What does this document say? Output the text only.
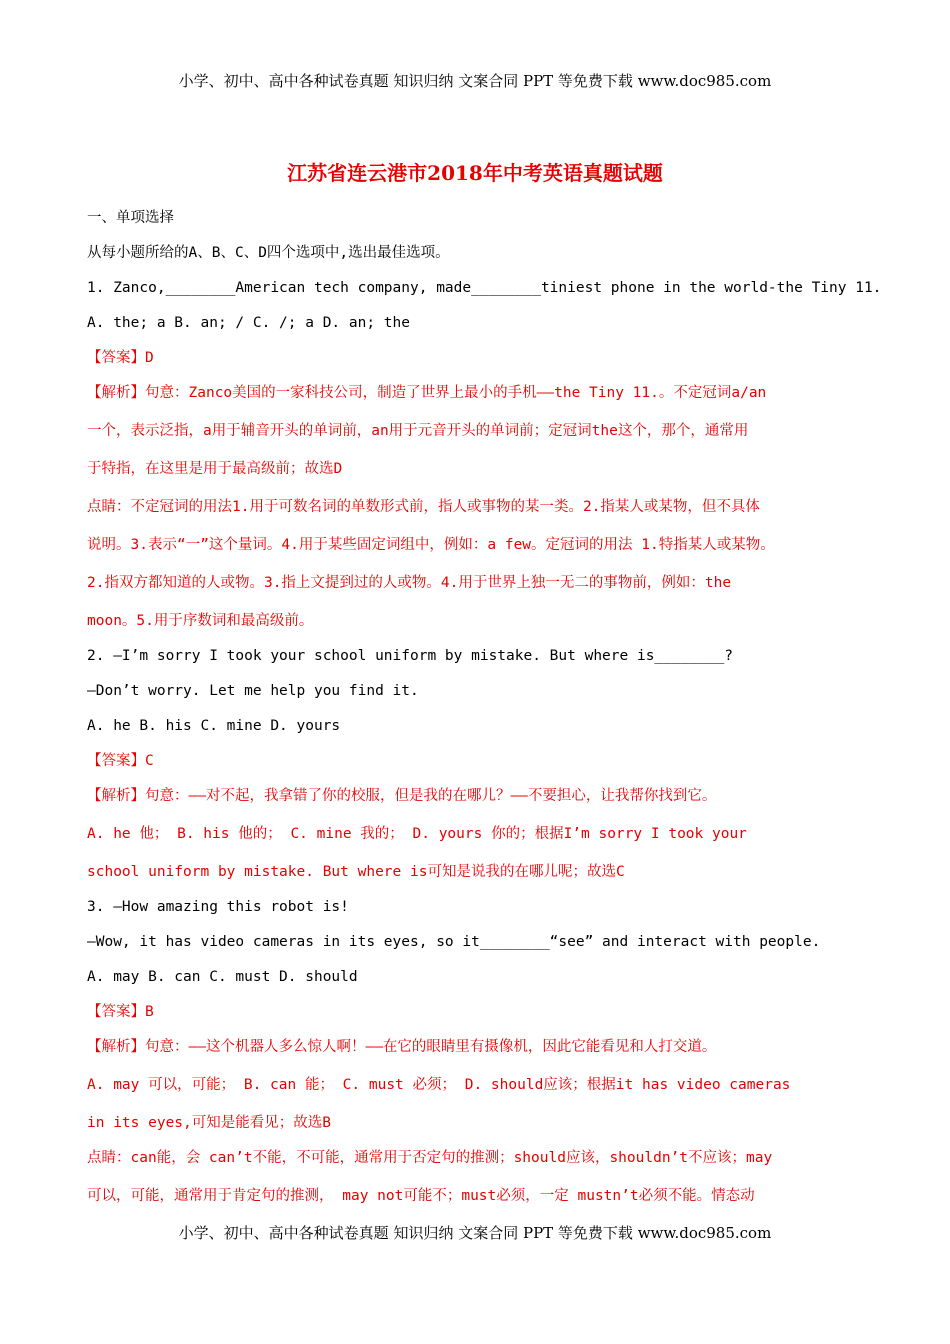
小学、初中、高中各种试卷真题 知识归纳 文案合同 PPT 等免费下载 www.doc985.com
江苏省连云港市2018年中考英语真题试题
一、单项选择
从每小题所给的A、B、C、D四个选项中,选出最佳选项。
1. Zanco,________American tech company, made________tiniest phone in the world-the Tiny 11.
A. the; a B. an; / C. /; a D. an; the
【答案】D
【解析】句意：Zanco美国的一家科技公司，制造了世界上最小的手机——the Tiny 11.。不定冠词a/an
一个，表示泛指，a用于辅音开头的单词前，an用于元音开头的单词前；定冠词the这个，那个，通常用
于特指，在这里是用于最高级前；故选D
点睛：不定冠词的用法1.用于可数名词的单数形式前，指人或事物的某一类。2.指某人或某物，但不具体
说明。3.表示“一”这个量词。4.用于某些固定词组中，例如：a few。定冠词的用法 1.特指某人或某物。
2.指双方都知道的人或物。3.指上文提到过的人或物。4.用于世界上独一无二的事物前，例如：the
moon。5.用于序数词和最高级前。
2. —I’m sorry I took your school uniform by mistake. But where is________?
—Don’t worry. Let me help you find it.
A. he B. his C. mine D. yours
【答案】C
【解析】句意：——对不起，我拿错了你的校服，但是我的在哪儿？——不要担心，让我帮你找到它。
A. he 他； B. his 他的； C. mine 我的； D. yours 你的；根据I’m sorry I took your
school uniform by mistake. But where is可知是说我的在哪儿呢；故选C
3. —How amazing this robot is!
—Wow, it has video cameras in its eyes, so it________“see” and interact with people.
A. may B. can C. must D. should
【答案】B
【解析】句意：——这个机器人多么惊人啊！——在它的眼睛里有摄像机，因此它能看见和人打交道。
A. may 可以，可能； B. can 能； C. must 必须； D. should应该；根据it has video cameras
in its eyes,可知是能看见；故选B
点睛：can能，会 can’t不能，不可能，通常用于否定句的推测；should应该，shouldn’t不应该；may
可以，可能，通常用于肯定句的推测， may not可能不；must必须，一定 mustn’t必须不能。情态动
小学、初中、高中各种试卷真题 知识归纳 文案合同 PPT 等免费下载 www.doc985.com
